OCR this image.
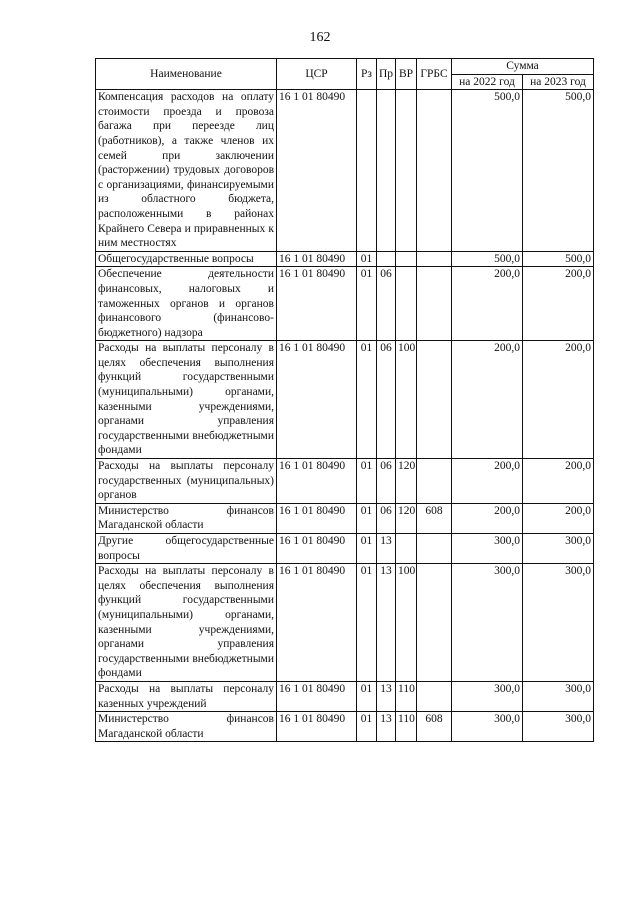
162
Наименование	ЦСР	Рз	Пр	ВР	ГРБС	Сумма	
						на 2022 год	на 2023 год
Компенсация расходов на оплату стоимости проезда и провоза багажа при переезде лиц (работников), а также членов их семей при заключении (расторжении) трудовых договоров с организациями, финансируемыми из областного бюджета, расположенными в районах Крайнего Севера и приравненных к ним местностях	16 1 01 80490					500,0	500,0
Общегосударственные вопросы	16 1 01 80490	01				500,0	500,0
Обеспечение деятельности финансовых, налоговых и таможенных органов и органов финансового (финансово-бюджетного) надзора	16 1 01 80490	01	06			200,0	200,0
Расходы на выплаты персоналу в целях обеспечения выполнения функций государственными (муниципальными) органами, казенными учреждениями, органами управления государственными внебюджетными фондами	16 1 01 80490	01	06	100		200,0	200,0
Расходы на выплаты персоналу государственных (муниципальных) органов	16 1 01 80490	01	06	120		200,0	200,0
Министерство финансов Магаданской области	16 1 01 80490	01	06	120	608	200,0	200,0
Другие общегосударственные вопросы	16 1 01 80490	01	13			300,0	300,0
Расходы на выплаты персоналу в целях обеспечения выполнения функций государственными (муниципальными) органами, казенными учреждениями, органами управления государственными внебюджетными фондами	16 1 01 80490	01	13	100		300,0	300,0
Расходы на выплаты персоналу казенных учреждений	16 1 01 80490	01	13	110		300,0	300,0
Министерство финансов Магаданской области	16 1 01 80490	01	13	110	608	300,0	300,0
